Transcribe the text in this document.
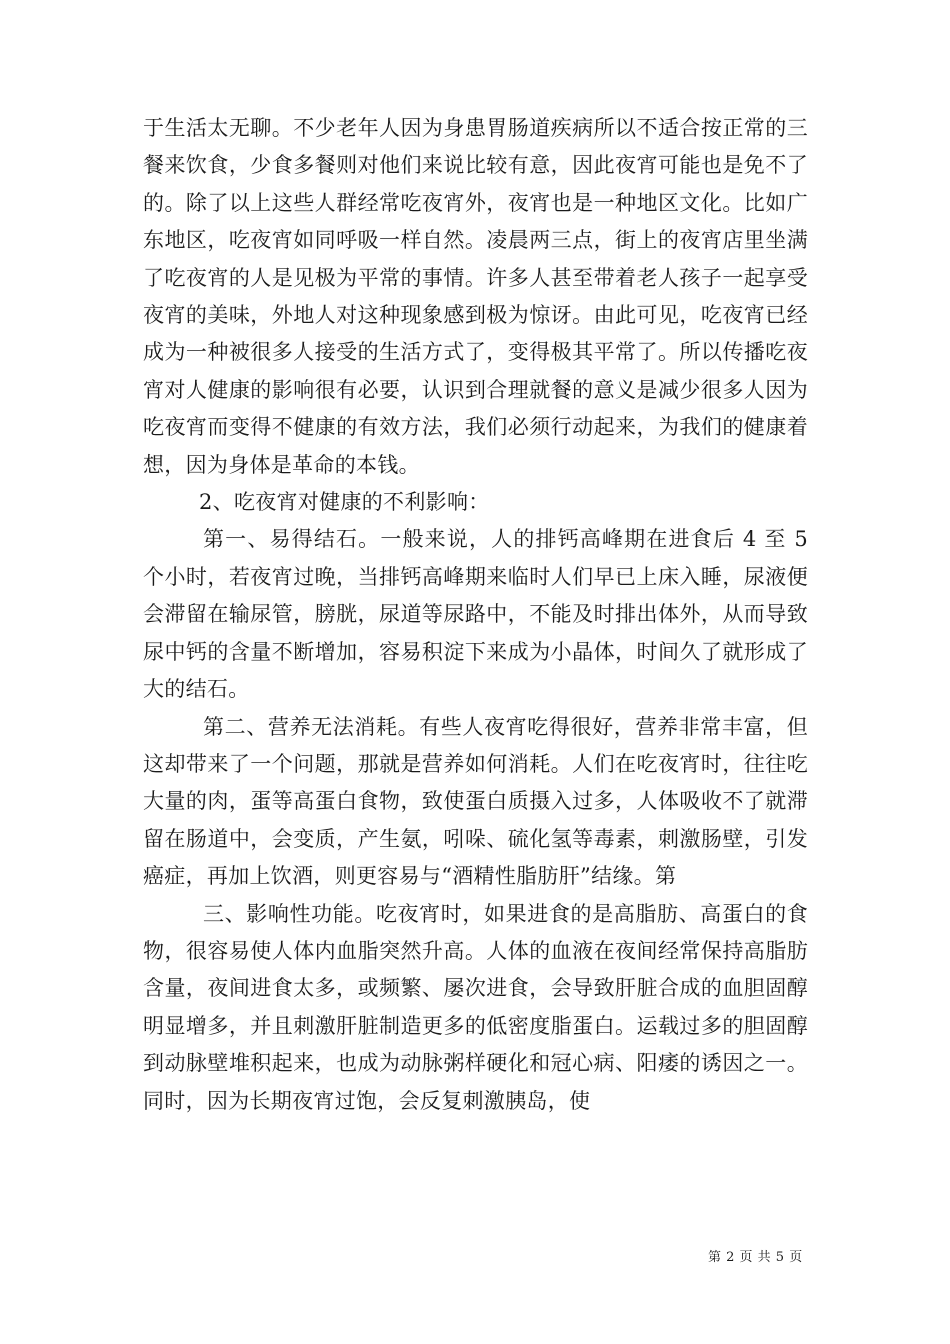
于生活太无聊。不少老年人因为身患胃肠道疾病所以不适合按正常的三餐来饮食，少食多餐则对他们来说比较有意，因此夜宵可能也是免不了的。除了以上这些人群经常吃夜宵外，夜宵也是一种地区文化。比如广东地区，吃夜宵如同呼吸一样自然。凌晨两三点，街上的夜宵店里坐满了吃夜宵的人是见极为平常的事情。许多人甚至带着老人孩子一起享受夜宵的美味，外地人对这种现象感到极为惊讶。由此可见，吃夜宵已经成为一种被很多人接受的生活方式了，变得极其平常了。所以传播吃夜宵对人健康的影响很有必要，认识到合理就餐的意义是减少很多人因为吃夜宵而变得不健康的有效方法，我们必须行动起来，为我们的健康着想，因为身体是革命的本钱。

2、吃夜宵对健康的不利影响：

第一、易得结石。一般来说，人的排钙高峰期在进食后 4 至 5 个小时，若夜宵过晚，当排钙高峰期来临时人们早已上床入睡，尿液便会滞留在输尿管，膀胱，尿道等尿路中，不能及时排出体外，从而导致尿中钙的含量不断增加，容易积淀下来成为小晶体，时间久了就形成了大的结石。

第二、营养无法消耗。有些人夜宵吃得很好，营养非常丰富，但这却带来了一个问题，那就是营养如何消耗。人们在吃夜宵时，往往吃大量的肉，蛋等高蛋白食物，致使蛋白质摄入过多，人体吸收不了就滞留在肠道中，会变质，产生氨，吲哚、硫化氢等毒素，刺激肠壁，引发癌症，再加上饮酒，则更容易与“酒精性脂肪肝”结缘。第

三、影响性功能。吃夜宵时，如果进食的是高脂肪、高蛋白的食物，很容易使人体内血脂突然升高。人体的血液在夜间经常保持高脂肪含量，夜间进食太多，或频繁、屡次进食，会导致肝脏合成的血胆固醇明显增多，并且刺激肝脏制造更多的低密度脂蛋白。运载过多的胆固醇到动脉壁堆积起来，也成为动脉粥样硬化和冠心病、阳痿的诱因之一。同时，因为长期夜宵过饱，会反复刺激胰岛，使

第 2 页 共 5 页
